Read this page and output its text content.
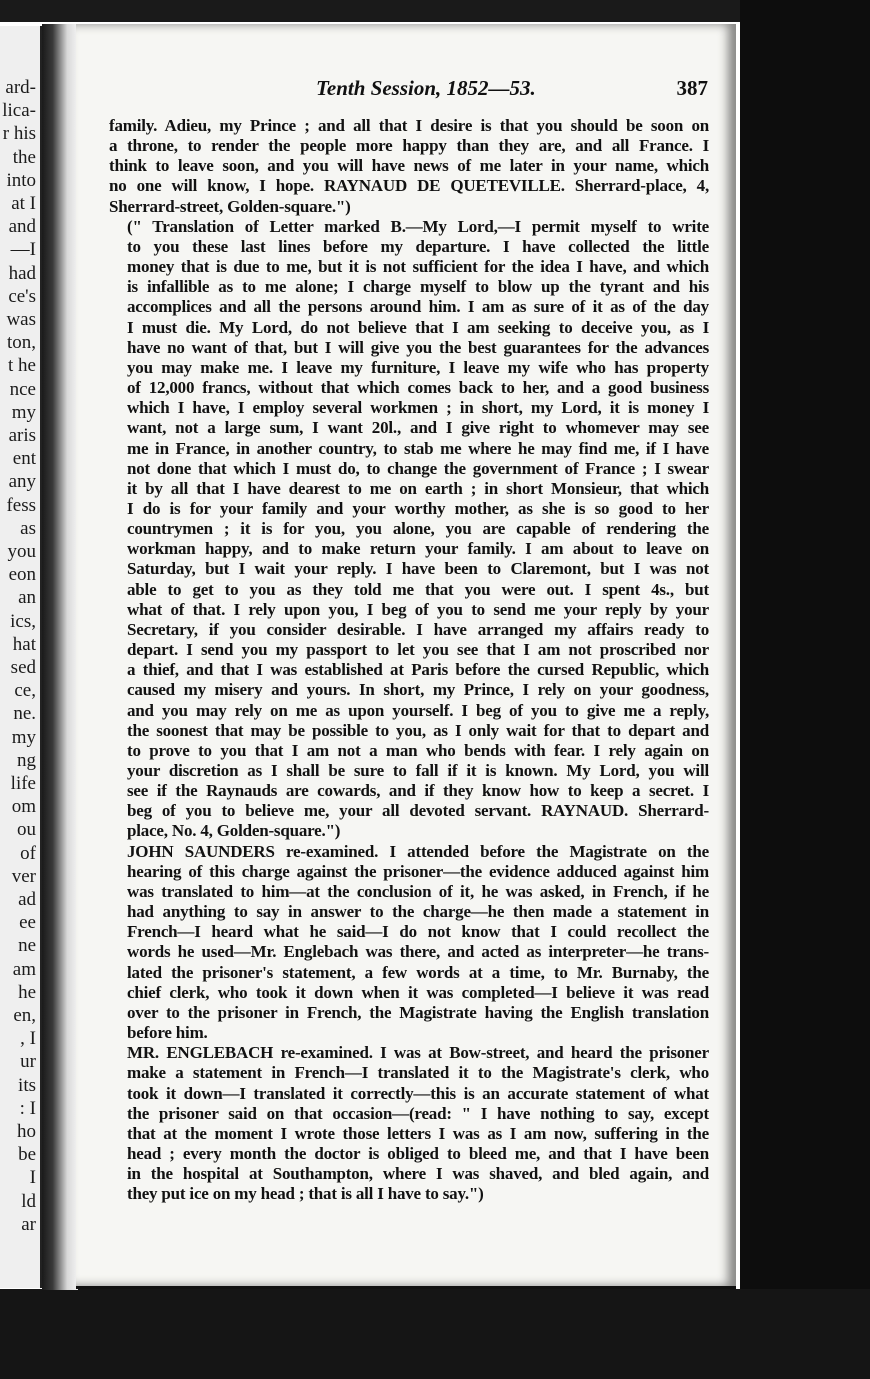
ard-
lica-
r his
the
into
at I
and
—I
had
ce's
was
ton,
t he
nce
my
aris
ent
any
fess
as
you
eon
an
ics,
hat
sed
ce,
ne.
my
ng
life
om
ou
of
ver
ad
ee
ne
am
he
en,
, I
ur
its
: I
ho
be
I
ld
ar
Tenth Session, 1852—53.	387

family. Adieu, my Prince ; and all that I desire is that you should be soon on
a throne, to render the people more happy than they are, and all France. I
think to leave soon, and you will have news of me later in your name, which
no one will know, I hope. RAYNAUD DE QUETEVILLE. Sherrard-place, 4,
Sherrard-street, Golden-square.")

(" Translation of Letter marked B.—My Lord,—I permit myself to write
to you these last lines before my departure. I have collected the little
money that is due to me, but it is not sufficient for the idea I have, and which
is infallible as to me alone; I charge myself to blow up the tyrant and his
accomplices and all the persons around him. I am as sure of it as of the day
I must die. My Lord, do not believe that I am seeking to deceive you, as I
have no want of that, but I will give you the best guarantees for the advances
you may make me. I leave my furniture, I leave my wife who has property
of 12,000 francs, without that which comes back to her, and a good business
which I have, I employ several workmen ; in short, my Lord, it is money I
want, not a large sum, I want 20l., and I give right to whomever may see
me in France, in another country, to stab me where he may find me, if I have
not done that which I must do, to change the government of France ; I swear
it by all that I have dearest to me on earth ; in short Monsieur, that which
I do is for your family and your worthy mother, as she is so good to her
countrymen ; it is for you, you alone, you are capable of rendering the
workman happy, and to make return your family. I am about to leave on
Saturday, but I wait your reply. I have been to Claremont, but I was not
able to get to you as they told me that you were out. I spent 4s., but
what of that. I rely upon you, I beg of you to send me your reply by your
Secretary, if you consider desirable. I have arranged my affairs ready to
depart. I send you my passport to let you see that I am not proscribed nor
a thief, and that I was established at Paris before the cursed Republic, which
caused my misery and yours. In short, my Prince, I rely on your goodness,
and you may rely on me as upon yourself. I beg of you to give me a reply,
the soonest that may be possible to you, as I only wait for that to depart and
to prove to you that I am not a man who bends with fear. I rely again on
your discretion as I shall be sure to fall if it is known. My Lord, you will
see if the Raynauds are cowards, and if they know how to keep a secret. I
beg of you to believe me, your all devoted servant. RAYNAUD. Sherrard-
place, No. 4, Golden-square.")

JOHN SAUNDERS re-examined. I attended before the Magistrate on the
hearing of this charge against the prisoner—the evidence adduced against him
was translated to him—at the conclusion of it, he was asked, in French, if he
had anything to say in answer to the charge—he then made a statement in
French—I heard what he said—I do not know that I could recollect the
words he used—Mr. Englebach was there, and acted as interpreter—he trans-
lated the prisoner's statement, a few words at a time, to Mr. Burnaby, the
chief clerk, who took it down when it was completed—I believe it was read
over to the prisoner in French, the Magistrate having the English translation
before him.

MR. ENGLEBACH re-examined. I was at Bow-street, and heard the prisoner
make a statement in French—I translated it to the Magistrate's clerk, who
took it down—I translated it correctly—this is an accurate statement of what
the prisoner said on that occasion—(read: " I have nothing to say, except
that at the moment I wrote those letters I was as I am now, suffering in the
head ; every month the doctor is obliged to bleed me, and that I have been
in the hospital at Southampton, where I was shaved, and bled again, and
they put ice on my head ; that is all I have to say.")
